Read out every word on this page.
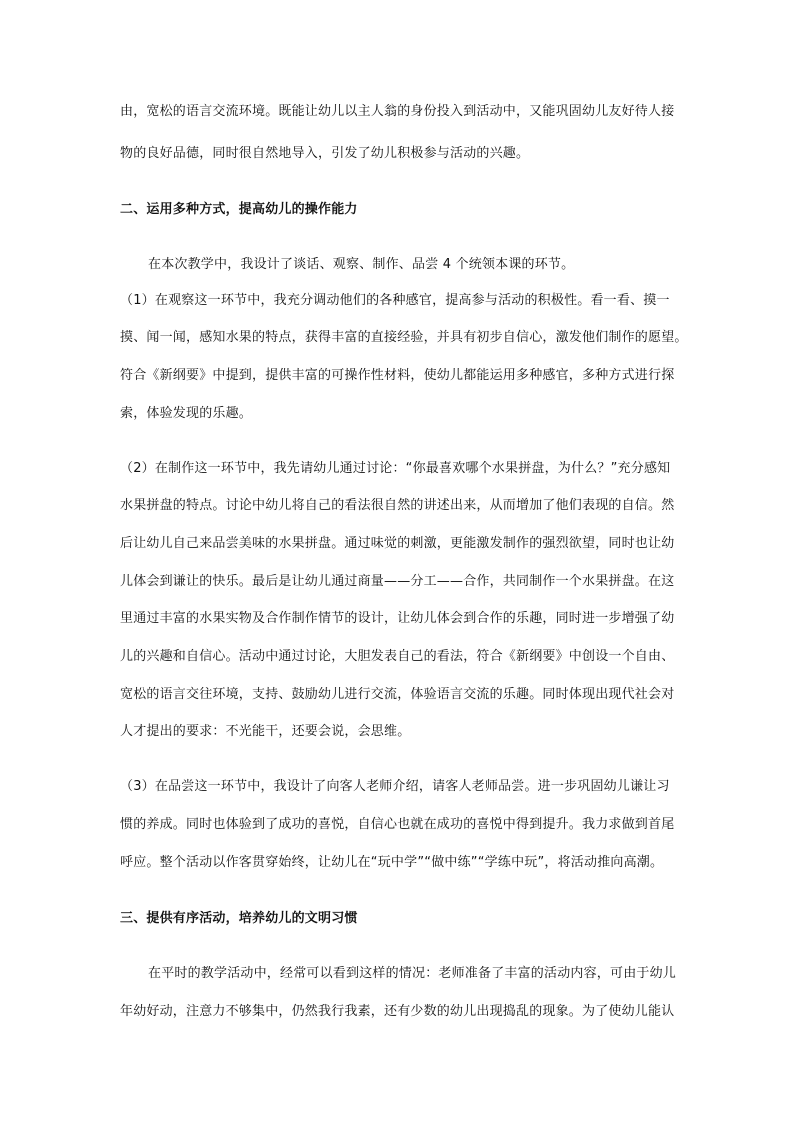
由，宽松的语言交流环境。既能让幼儿以主人翁的身份投入到活动中，又能巩固幼儿友好待人接
物的良好品德，同时很自然地导入，引发了幼儿积极参与活动的兴趣。
二、运用多种方式，提高幼儿的操作能力
在本次教学中，我设计了谈话、观察、制作、品尝 4 个统领本课的环节。
（1）在观察这一环节中，我充分调动他们的各种感官，提高参与活动的积极性。看一看、摸一
摸、闻一闻，感知水果的特点，获得丰富的直接经验，并具有初步自信心，激发他们制作的愿望。
符合《新纲要》中提到，提供丰富的可操作性材料，使幼儿都能运用多种感官，多种方式进行探
索，体验发现的乐趣。
（2）在制作这一环节中，我先请幼儿通过讨论：“你最喜欢哪个水果拼盘，为什么？”充分感知
水果拼盘的特点。讨论中幼儿将自己的看法很自然的讲述出来，从而增加了他们表现的自信。然
后让幼儿自己来品尝美味的水果拼盘。通过味觉的刺激，更能激发制作的强烈欲望，同时也让幼
儿体会到谦让的快乐。最后是让幼儿通过商量——分工——合作，共同制作一个水果拼盘。在这
里通过丰富的水果实物及合作制作情节的设计，让幼儿体会到合作的乐趣，同时进一步增强了幼
儿的兴趣和自信心。活动中通过讨论，大胆发表自己的看法，符合《新纲要》中创设一个自由、
宽松的语言交往环境，支持、鼓励幼儿进行交流，体验语言交流的乐趣。同时体现出现代社会对
人才提出的要求：不光能干，还要会说，会思维。
（3）在品尝这一环节中，我设计了向客人老师介绍，请客人老师品尝。进一步巩固幼儿谦让习
惯的养成。同时也体验到了成功的喜悦，自信心也就在成功的喜悦中得到提升。我力求做到首尾
呼应。整个活动以作客贯穿始终，让幼儿在“玩中学”“做中练”“学练中玩”，将活动推向高潮。
三、提供有序活动，培养幼儿的文明习惯
在平时的教学活动中，经常可以看到这样的情况：老师准备了丰富的活动内容，可由于幼儿
年幼好动，注意力不够集中，仍然我行我素，还有少数的幼儿出现捣乱的现象。为了使幼儿能认
